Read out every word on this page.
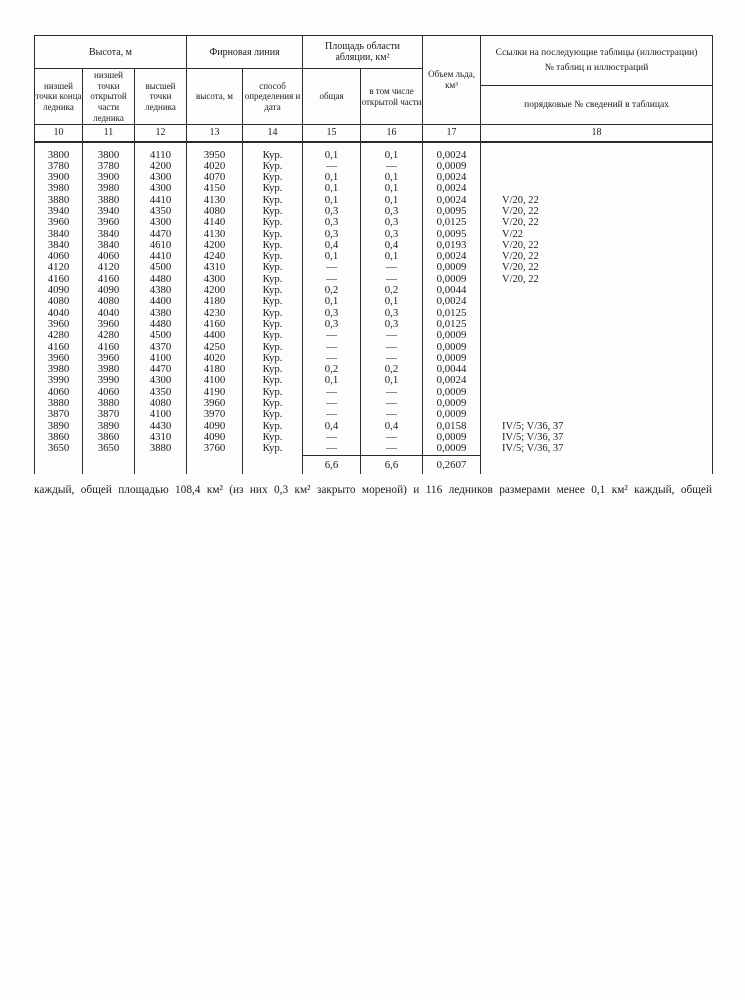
Высота, м			Фирновая линия		Площадь области абляции, км²		Объем льда, км³	Ссылки на последующие таблицы (иллюстрации)
№ таблиц и иллюстраций
порядковые № сведений в таблицах

низшей точки конца ледника	низшей точки открытой части ледника	высшей точки ледника	высота, м	способ определения и дата	общая	в том числе открытой части		
10	11	12	13	14	15	16	17	18
3800	3800	4110	3950	Кур.	0,1	0,1	0,0024	
3780	3780	4200	4020	Кур.	—	—	0,0009	
3900	3900	4300	4070	Кур.	0,1	0,1	0,0024	
3980	3980	4300	4150	Кур.	0,1	0,1	0,0024	
3880	3880	4410	4130	Кур.	0,1	0,1	0,0024	V/20, 22
3940	3940	4350	4080	Кур.	0,3	0,3	0,0095	V/20, 22
3960	3960	4300	4140	Кур.	0,3	0,3	0,0125	V/20, 22
3840	3840	4470	4130	Кур.	0,3	0,3	0,0095	V/22
3840	3840	4610	4200	Кур.	0,4	0,4	0,0193	V/20, 22
4060	4060	4410	4240	Кур.	0,1	0,1	0,0024	V/20, 22
4120	4120	4500	4310	Кур.	—	—	0,0009	V/20, 22
4160	4160	4480	4300	Кур.	—	—	0,0009	V/20, 22
4090	4090	4380	4200	Кур.	0,2	0,2	0,0044	
4080	4080	4400	4180	Кур.	0,1	0,1	0,0024	
4040	4040	4380	4230	Кур.	0,3	0,3	0,0125	
3960	3960	4480	4160	Кур.	0,3	0,3	0,0125	
4280	4280	4500	4400	Кур.	—	—	0,0009	
4160	4160	4370	4250	Кур.	—	—	0,0009	
3960	3960	4100	4020	Кур.	—	—	0,0009	
3980	3980	4470	4180	Кур.	0,2	0,2	0,0044	
3990	3990	4300	4100	Кур.	0,1	0,1	0,0024	
4060	4060	4350	4190	Кур.	—	—	0,0009	
3880	3880	4080	3960	Кур.	—	—	0,0009	
3870	3870	4100	3970	Кур.	—	—	0,0009	
3890	3890	4430	4090	Кур.	0,4	0,4	0,0158	IV/5; V/36, 37
3860	3860	4310	4090	Кур.	—	—	0,0009	IV/5; V/36, 37
3650	3650	3880	3760	Кур.	—	—	0,0009	IV/5; V/36, 37
					6,6	6,6	0,2607	

каждый, общей площадью 108,4 км² (из них 0,3 км² закрыто мореной) и 116 ледников размерами менее 0,1 км² каждый, общей
